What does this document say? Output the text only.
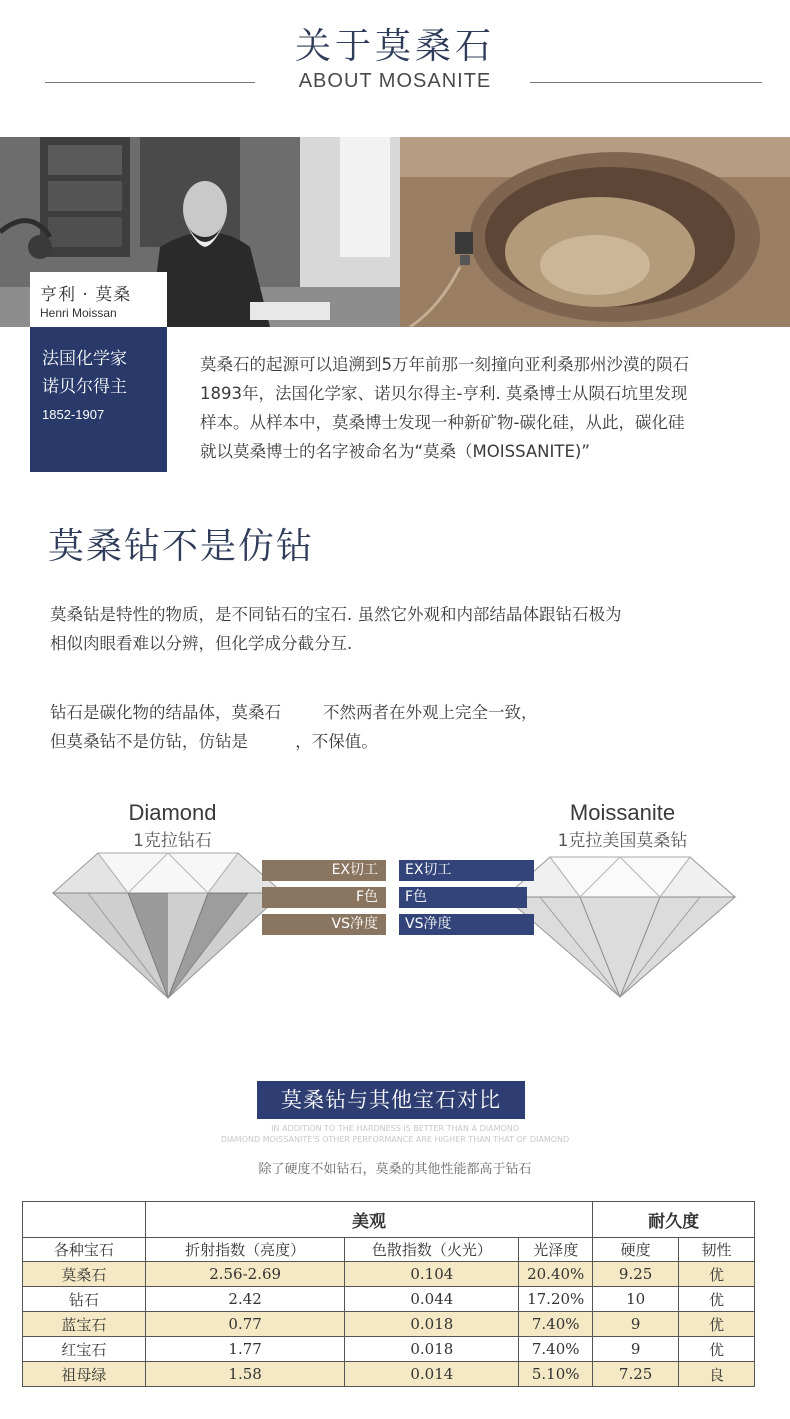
关于莫桑石
ABOUT MOSANITE
亨利 · 莫桑
Henri Moissan
法国化学家
诺贝尔得主
1852-1907
莫桑石的起源可以追溯到5万年前那一刻撞向亚利桑那州沙漠的陨石
1893年，法国化学家、诺贝尔得主-亨利. 莫桑博士从陨石坑里发现
样本。从样本中，莫桑博士发现一种新矿物-碳化硅，从此，碳化硅
就以莫桑博士的名字被命名为“莫桑（MOISSANITE)”
莫桑钻不是仿钻
莫桑钻是特性的物质，是不同钻石的宝石. 虽然它外观和内部结晶体跟钻石极为
相似肉眼看难以分辨，但化学成分截分互.
钻石是碳化物的结晶体，莫桑石        不然两者在外观上完全一致，
但莫桑钻不是仿钻，仿钻是         ，不保值。
Diamond
1克拉钻石
Moissanite
1克拉美国莫桑钻
EX切工
F色
VS净度
EX切工
F色
VS净度
莫桑钻与其他宝石对比
IN ADDITION TO THE HARDNESS IS BETTER THAN A DIAMOND
DIAMOND MOISSANITE'S OTHER PERFORMANCE ARE HIGHER THAN THAT OF DIAMOND
除了硬度不如钻石，莫桑的其他性能都高于钻石
	美观			耐久度	
各种宝石	折射指数（亮度）	色散指数（火光）	光泽度	硬度	韧性
莫桑石	2.56-2.69	0.104	20.40%	9.25	优
钻石	2.42	0.044	17.20%	10	优
蓝宝石	0.77	0.018	7.40%	9	优
红宝石	1.77	0.018	7.40%	9	优
祖母绿	1.58	0.014	5.10%	7.25	良
